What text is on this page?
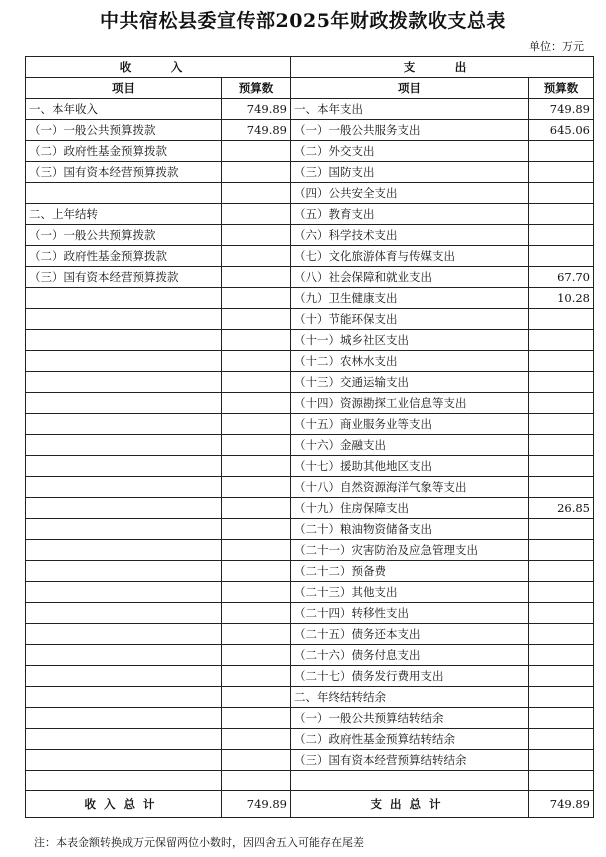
中共宿松县委宣传部2025年财政拨款收支总表
单位：万元
收　入		支　出	
项目	预算数	项目	预算数
一、本年收入	749.89	一、本年支出	749.89
（一）一般公共预算拨款	749.89	（一）一般公共服务支出	645.06
（二）政府性基金预算拨款		（二）外交支出	
（三）国有资本经营预算拨款		（三）国防支出	
		（四）公共安全支出	
二、上年结转		（五）教育支出	
（一）一般公共预算拨款		（六）科学技术支出	
（二）政府性基金预算拨款		（七）文化旅游体育与传媒支出	
（三）国有资本经营预算拨款		（八）社会保障和就业支出	67.70
		（九）卫生健康支出	10.28
		（十）节能环保支出	
		（十一）城乡社区支出	
		（十二）农林水支出	
		（十三）交通运输支出	
		（十四）资源勘探工业信息等支出	
		（十五）商业服务业等支出	
		（十六）金融支出	
		（十七）援助其他地区支出	
		（十八）自然资源海洋气象等支出	
		（十九）住房保障支出	26.85
		（二十）粮油物资储备支出	
		（二十一）灾害防治及应急管理支出	
		（二十二）预备费	
		（二十三）其他支出	
		（二十四）转移性支出	
		（二十五）债务还本支出	
		（二十六）债务付息支出	
		（二十七）债务发行费用支出	
		二、年终结转结余	
		（一）一般公共预算结转结余	
		（二）政府性基金预算结转结余	
		（三）国有资本经营预算结转结余	

收入总计	749.89	支出总计	749.89
注：本表金额转换成万元保留两位小数时，因四舍五入可能存在尾差
